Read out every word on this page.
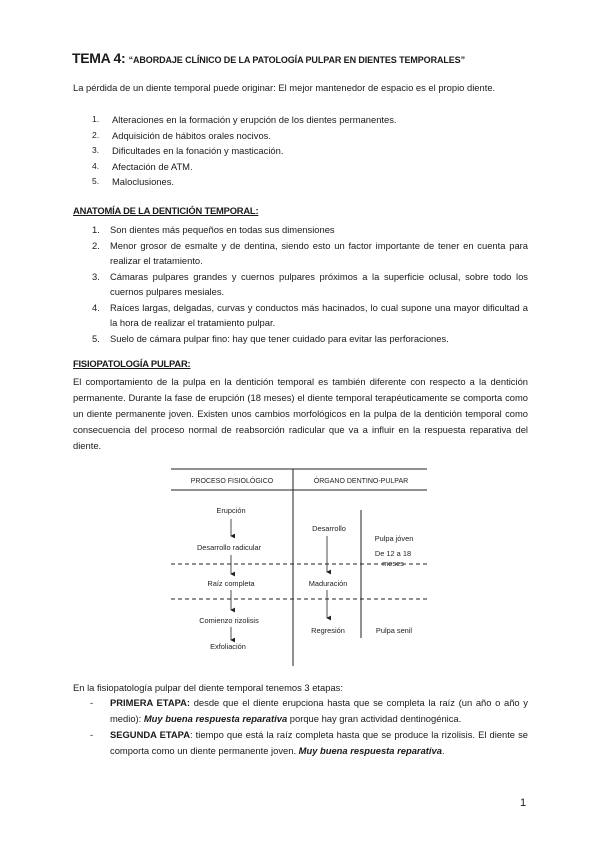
TEMA 4: “ABORDAJE CLÍNICO DE LA PATOLOGÍA PULPAR EN DIENTES TEMPORALES”
La pérdida de un diente temporal puede originar: El mejor mantenedor de espacio es el propio diente.
1. Alteraciones en la formación y erupción de los dientes permanentes.
2. Adquisición de hábitos orales nocivos.
3. Dificultades en la fonación y masticación.
4. Afectación de ATM.
5. Maloclusiones.
ANATOMÍA DE LA DENTICIÓN TEMPORAL:
1. Son dientes más pequeños en todas sus dimensiones
2. Menor grosor de esmalte y de dentina, siendo esto un factor importante de tener en cuenta para realizar el tratamiento.
3. Cámaras pulpares grandes y cuernos pulpares próximos a la superficie oclusal, sobre todo los cuernos pulpares mesiales.
4. Raíces largas, delgadas, curvas y conductos más hacinados, lo cual supone una mayor dificultad a la hora de realizar el tratamiento pulpar.
5. Suelo de cámara pulpar fino: hay que tener cuidado para evitar las perforaciones.
FISIOPATOLOGÍA PULPAR:
El comportamiento de la pulpa en la dentición temporal es también diferente con respecto a la dentición permanente. Durante la fase de erupción (18 meses) el diente temporal terapéuticamente se comporta como un diente permanente joven. Existen unos cambios morfológicos en la pulpa de la dentición temporal como consecuencia del proceso normal de reabsorción radicular que va a influir en la respuesta reparativa del diente.
PROCESO FISIOLÓGICO	ÓRGANO DENTINO-PULPAR
Erupción
Desarrollo radicular
Raíz completa
Comienzo rizolisis
Exfoliación
Desarrollo
Maduración
Regresión
Pulpa jóven
De 12 a 18
meses
Pulpa senil
En la fisiopatología pulpar del diente temporal tenemos 3 etapas:
- PRIMERA ETAPA: desde que el diente erupciona hasta que se completa la raíz (un año o año y medio): Muy buena respuesta reparativa porque hay gran actividad dentinogénica.
- SEGUNDA ETAPA: tiempo que está la raíz completa hasta que se produce la rizolisis. El diente se comporta como un diente permanente joven. Muy buena respuesta reparativa.
1
